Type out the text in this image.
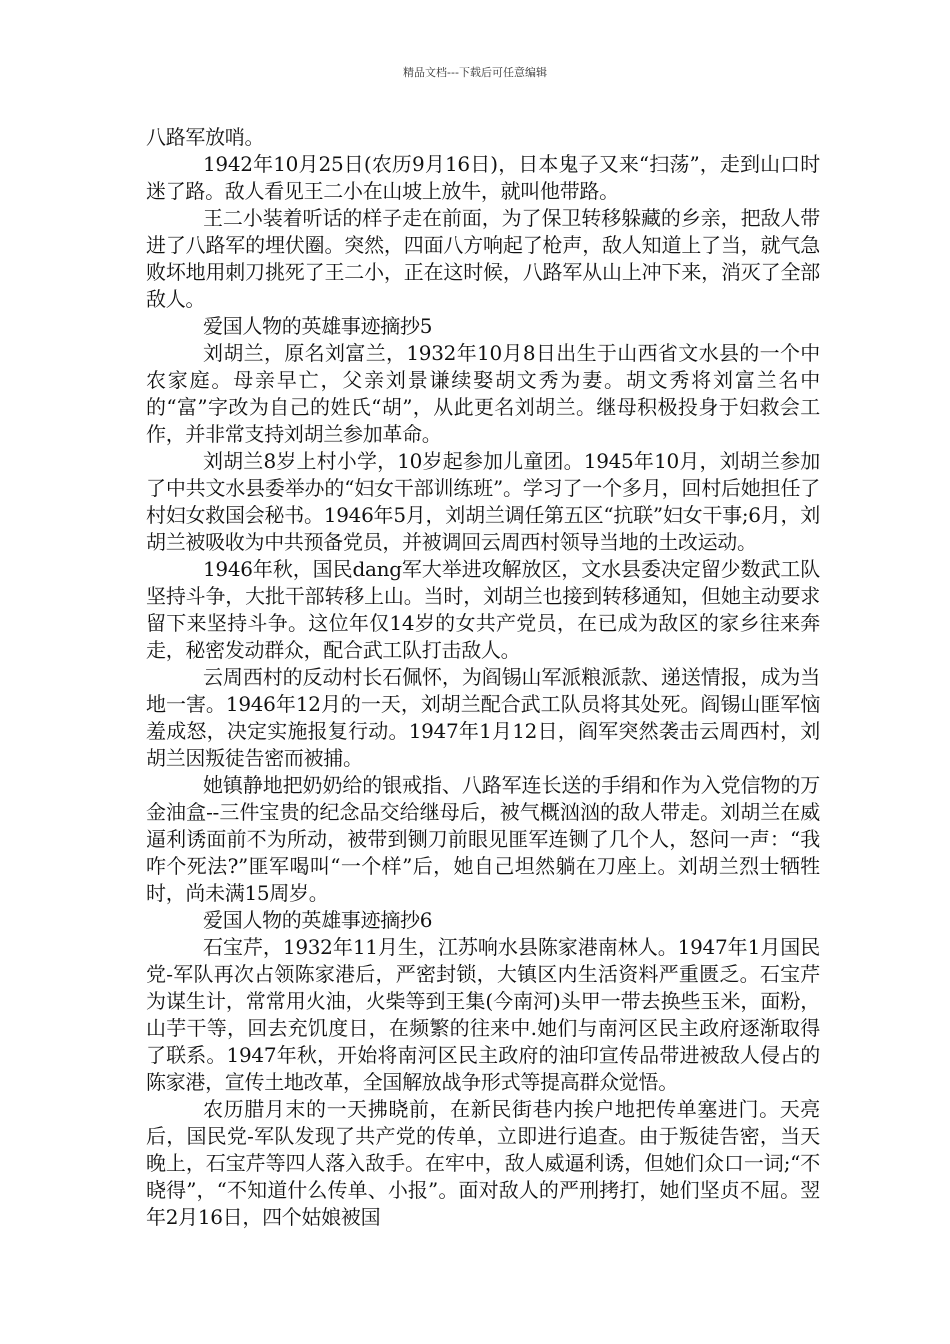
精品文档---下载后可任意编辑

八路军放哨。

1942年10月25日(农历9月16日)，日本鬼子又来“扫荡”，走到山口时迷了路。敌人看见王二小在山坡上放牛，就叫他带路。

王二小装着听话的样子走在前面，为了保卫转移躲藏的乡亲，把敌人带进了八路军的埋伏圈。突然，四面八方响起了枪声，敌人知道上了当，就气急败坏地用刺刀挑死了王二小，正在这时候，八路军从山上冲下来，消灭了全部敌人。

爱国人物的英雄事迹摘抄5

刘胡兰，原名刘富兰，1932年10月8日出生于山西省文水县的一个中农家庭。母亲早亡，父亲刘景谦续娶胡文秀为妻。胡文秀将刘富兰名中的“富”字改为自己的姓氏“胡”，从此更名刘胡兰。继母积极投身于妇救会工作，并非常支持刘胡兰参加革命。

刘胡兰8岁上村小学，10岁起参加儿童团。1945年10月，刘胡兰参加了中共文水县委举办的“妇女干部训练班”。学习了一个多月，回村后她担任了村妇女救国会秘书。1946年5月，刘胡兰调任第五区“抗联”妇女干事;6月，刘胡兰被吸收为中共预备党员，并被调回云周西村领导当地的土改运动。

1946年秋，国民dang军大举进攻解放区，文水县委决定留少数武工队坚持斗争，大批干部转移上山。当时，刘胡兰也接到转移通知，但她主动要求留下来坚持斗争。这位年仅14岁的女共产党员，在已成为敌区的家乡往来奔走，秘密发动群众，配合武工队打击敌人。

云周西村的反动村长石佩怀，为阎锡山军派粮派款、递送情报，成为当地一害。1946年12月的一天，刘胡兰配合武工队员将其处死。阎锡山匪军恼羞成怒，决定实施报复行动。1947年1月12日，阎军突然袭击云周西村，刘胡兰因叛徒告密而被捕。

她镇静地把奶奶给的银戒指、八路军连长送的手绢和作为入党信物的万金油盒--三件宝贵的纪念品交给继母后，被气概汹汹的敌人带走。刘胡兰在威逼利诱面前不为所动，被带到铡刀前眼见匪军连铡了几个人，怒问一声：“我咋个死法?”匪军喝叫“一个样”后，她自己坦然躺在刀座上。刘胡兰烈士牺牲时，尚未满15周岁。

爱国人物的英雄事迹摘抄6

石宝芹，1932年11月生，江苏响水县陈家港南林人。1947年1月国民党-军队再次占领陈家港后，严密封锁，大镇区内生活资料严重匮乏。石宝芹为谋生计，常常用火油，火柴等到王集(今南河)头甲一带去换些玉米，面粉，山芋干等，回去充饥度日，在频繁的往来中.她们与南河区民主政府逐渐取得了联系。1947年秋，开始将南河区民主政府的油印宣传品带进被敌人侵占的陈家港，宣传土地改革，全国解放战争形式等提高群众觉悟。

农历腊月末的一天拂晓前，在新民街巷内挨户地把传单塞进门。天亮后，国民党-军队发现了共产党的传单，立即进行追查。由于叛徒告密，当天晚上，石宝芹等四人落入敌手。在牢中，敌人威逼利诱，但她们众口一词;“不晓得”，“不知道什么传单、小报”。面对敌人的严刑拷打，她们坚贞不屈。翌年2月16日，四个姑娘被国
